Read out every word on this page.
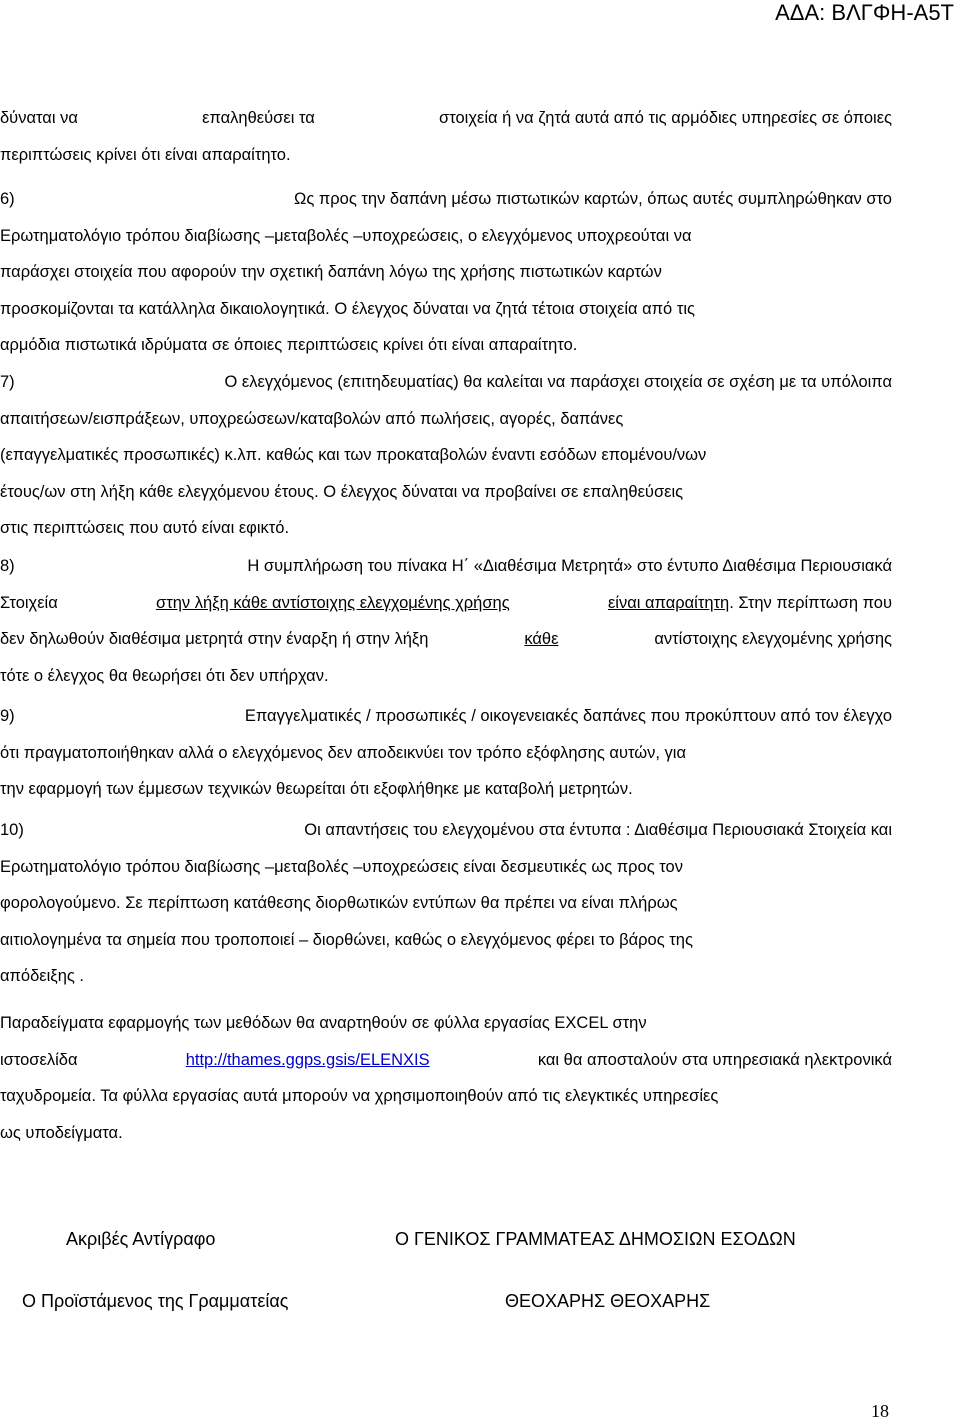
ΑΔΑ: ΒΛΓΦΗ-Α5Τ
δύναται να	επαληθεύσει τα	στοιχεία ή να ζητά αυτά από τις αρμόδιες υπηρεσίες σε όποιες
περιπτώσεις κρίνει ότι είναι απαραίτητο.
6)	Ως προς την δαπάνη μέσω πιστωτικών καρτών, όπως αυτές συμπληρώθηκαν στο
Ερωτηματολόγιο τρόπου διαβίωσης –μεταβολές –υποχρεώσεις, ο ελεγχόμενος υποχρεούται να
παράσχει στοιχεία που αφορούν την σχετική δαπάνη λόγω της χρήσης πιστωτικών καρτών
προσκομίζονται τα κατάλληλα δικαιολογητικά. Ο έλεγχος δύναται να ζητά τέτοια στοιχεία από τις
αρμόδια πιστωτικά ιδρύματα σε όποιες περιπτώσεις κρίνει ότι είναι απαραίτητο.
7)	Ο ελεγχόμενος (επιτηδευματίας) θα καλείται να παράσχει στοιχεία σε σχέση με τα υπόλοιπα
απαιτήσεων/εισπράξεων, υποχρεώσεων/καταβολών από πωλήσεις, αγορές, δαπάνες
(επαγγελματικές προσωπικές) κ.λπ. καθώς και των προκαταβολών έναντι εσόδων επομένου/νων
έτους/ων στη λήξη κάθε ελεγχόμενου έτους. Ο έλεγχος δύναται να προβαίνει σε επαληθεύσεις
στις περιπτώσεις που αυτό είναι εφικτό.
8)	Η συμπλήρωση του πίνακα Η΄ «Διαθέσιμα Μετρητά» στο έντυπο Διαθέσιμα Περιουσιακά
Στοιχεία	στην λήξη κάθε αντίστοιχης ελεγχομένης χρήσης	είναι απαραίτητη. Στην περίπτωση που
δεν δηλωθούν διαθέσιμα μετρητά στην έναρξη ή στην λήξη	κάθε	αντίστοιχης ελεγχομένης χρήσης
τότε ο έλεγχος θα θεωρήσει ότι δεν υπήρχαν.
9)	Επαγγελματικές / προσωπικές / οικογενειακές δαπάνες που προκύπτουν από τον έλεγχο
ότι πραγματοποιήθηκαν αλλά ο ελεγχόμενος δεν αποδεικνύει τον τρόπο εξόφλησης αυτών, για
την εφαρμογή των έμμεσων τεχνικών θεωρείται ότι εξοφλήθηκε με καταβολή μετρητών.
10)	Οι απαντήσεις του ελεγχομένου στα έντυπα : Διαθέσιμα Περιουσιακά Στοιχεία και
Ερωτηματολόγιο τρόπου διαβίωσης –μεταβολές –υποχρεώσεις είναι δεσμευτικές ως προς τον
φορολογούμενο. Σε περίπτωση κατάθεσης διορθωτικών εντύπων θα πρέπει να είναι πλήρως
αιτιολογημένα τα σημεία που τροποποιεί – διορθώνει, καθώς ο ελεγχόμενος φέρει το βάρος της
απόδειξης .
Παραδείγματα εφαρμογής των μεθόδων θα αναρτηθούν σε φύλλα εργασίας EXCEL στην
ιστοσελίδα	http://thames.ggps.gsis/ELENXIS	και θα αποσταλούν στα υπηρεσιακά ηλεκτρονικά
ταχυδρομεία. Τα φύλλα εργασίας αυτά μπορούν να χρησιμοποιηθούν από τις ελεγκτικές υπηρεσίες
ως υποδείγματα.
Ακριβές Αντίγραφο	Ο ΓΕΝΙΚΟΣ ΓΡΑΜΜΑΤΕΑΣ ΔΗΜΟΣΙΩΝ ΕΣΟΔΩΝ
Ο Προϊστάμενος της Γραμματείας	ΘΕΟΧΑΡΗΣ ΘΕΟΧΑΡΗΣ
18
